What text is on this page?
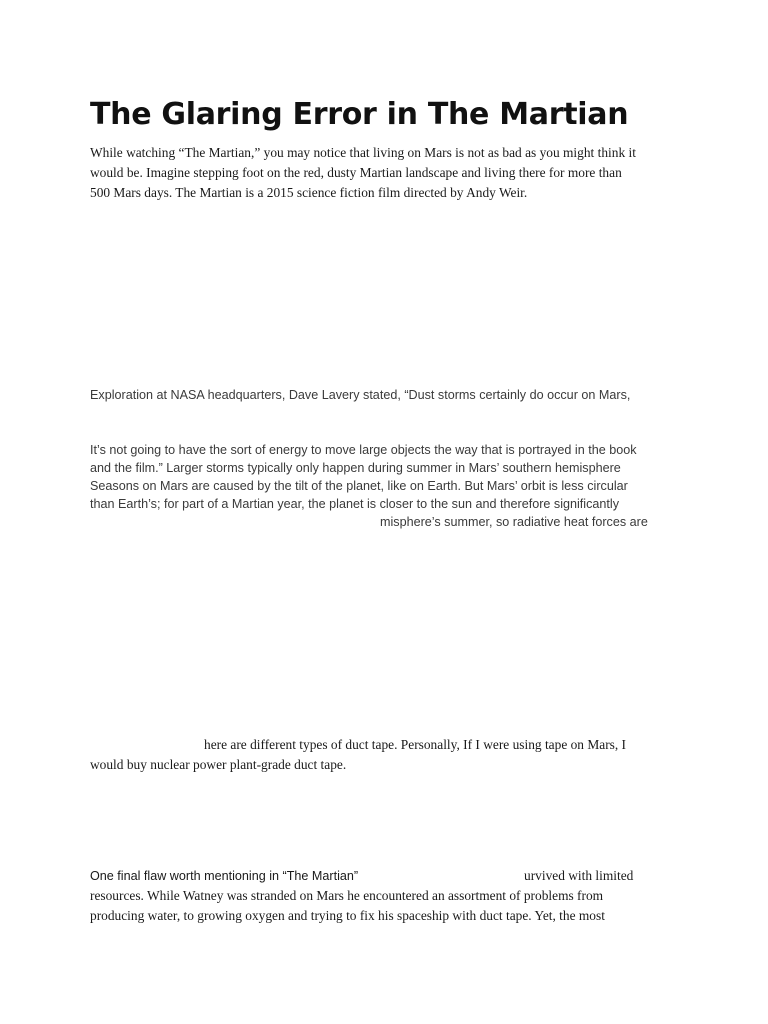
The Glaring Error in The Martian

While watching “The Martian,” you may notice that living on Mars is not as bad as you might think it
would be. Imagine stepping foot on the red, dusty Martian landscape and living there for more than
500 Mars days. The Martian is a 2015 science fiction film directed by Andy Weir.

Exploration at NASA headquarters, Dave Lavery stated, “Dust storms certainly do occur on Mars,

It’s not going to have the sort of energy to move large objects the way that is portrayed in the book
and the film.” Larger storms typically only happen during summer in Mars’ southern hemisphere
Seasons on Mars are caused by the tilt of the planet, like on Earth. But Mars’ orbit is less circular
than Earth’s; for part of a Martian year, the planet is closer to the sun and therefore significantly
misphere’s summer, so radiative heat forces are

here are different types of duct tape. Personally, If I were using tape on Mars, I
would buy nuclear power plant-grade duct tape.

One final flaw worth mentioning in “The Martian”	urvived with limited
resources. While Watney was stranded on Mars he encountered an assortment of problems from
producing water, to growing oxygen and trying to fix his spaceship with duct tape. Yet, the most
